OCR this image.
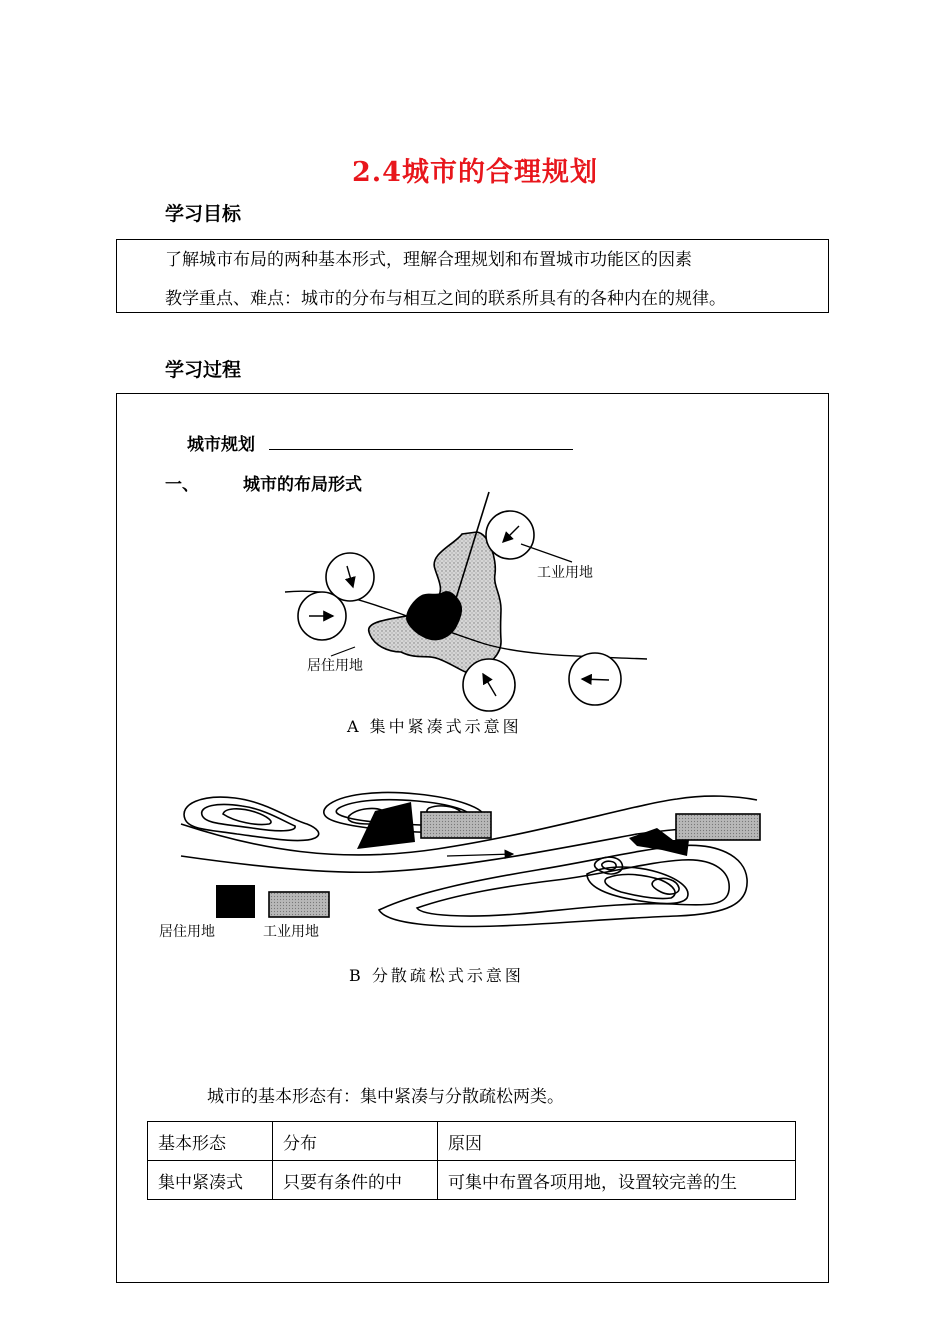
2.4城市的合理规划
学习目标
了解城市布局的两种基本形式，理解合理规划和布置城市功能区的因素
教学重点、难点：城市的分布与相互之间的联系所具有的各种内在的规律。
学习过程
城市规划
一、	城市的布局形式
工业用地
居住用地
A 集中紧凑式示意图
居住用地	工业用地
B 分散疏松式示意图
城市的基本形态有：集中紧凑与分散疏松两类。
基本形态	分布	原因
集中紧凑式	只要有条件的中	可集中布置各项用地，设置较完善的生
